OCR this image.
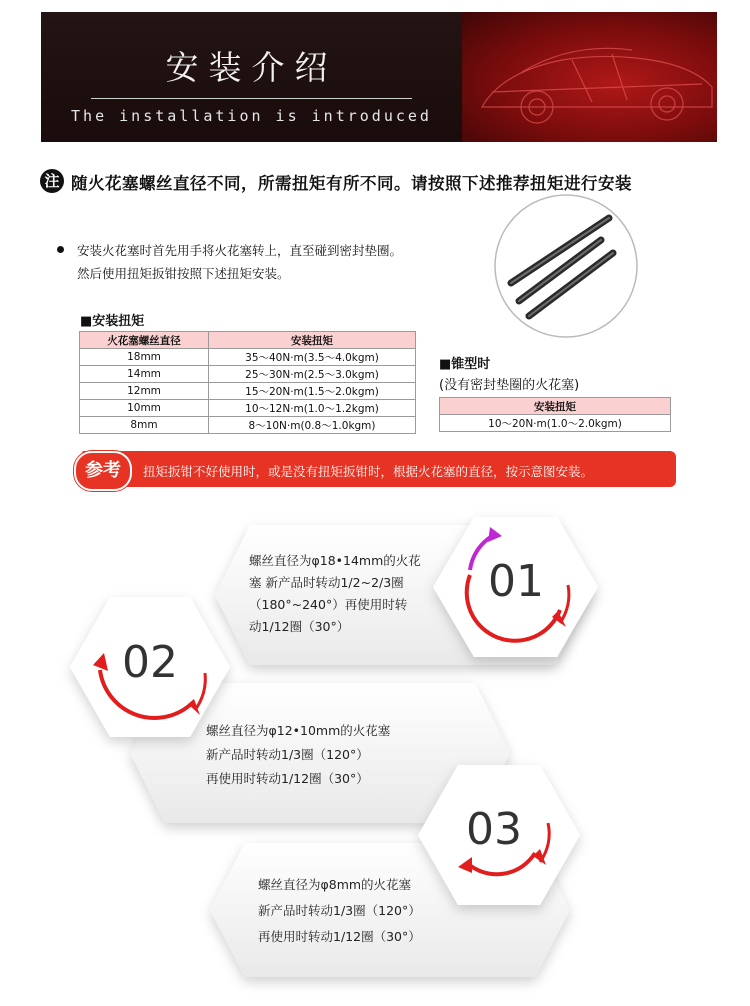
安装介绍
The installation is introduced
注 随火花塞螺丝直径不同，所需扭矩有所不同。请按照下述推荐扭矩进行安装
安装火花塞时首先用手将火花塞转上，直至碰到密封垫圈。
然后使用扭矩扳钳按照下述扭矩安装。
■安装扭矩
火花塞螺丝直径	安装扭矩
18mm	35～40N·m(3.5～4.0kgm)
14mm	25～30N·m(2.5～3.0kgm)
12mm	15～20N·m(1.5～2.0kgm)
10mm	10～12N·m(1.0～1.2kgm)
8mm	8～10N·m(0.8～1.0kgm)
■锥型时
(没有密封垫圈的火花塞)
安装扭矩
10～20N·m(1.0～2.0kgm)
参考	扭矩扳钳不好使用时，或是没有扭矩扳钳时，根据火花塞的直径，按示意图安装。
01
02
03
螺丝直径为φ18•14mm的火花
塞 新产品时转动1/2~2/3圈
（180°~240°）再使用时转
动1/12圈（30°）
螺丝直径为φ12•10mm的火花塞
新产品时转动1/3圈（120°）
再使用时转动1/12圈（30°）
螺丝直径为φ8mm的火花塞
新产品时转动1/3圈（120°）
再使用时转动1/12圈（30°）
